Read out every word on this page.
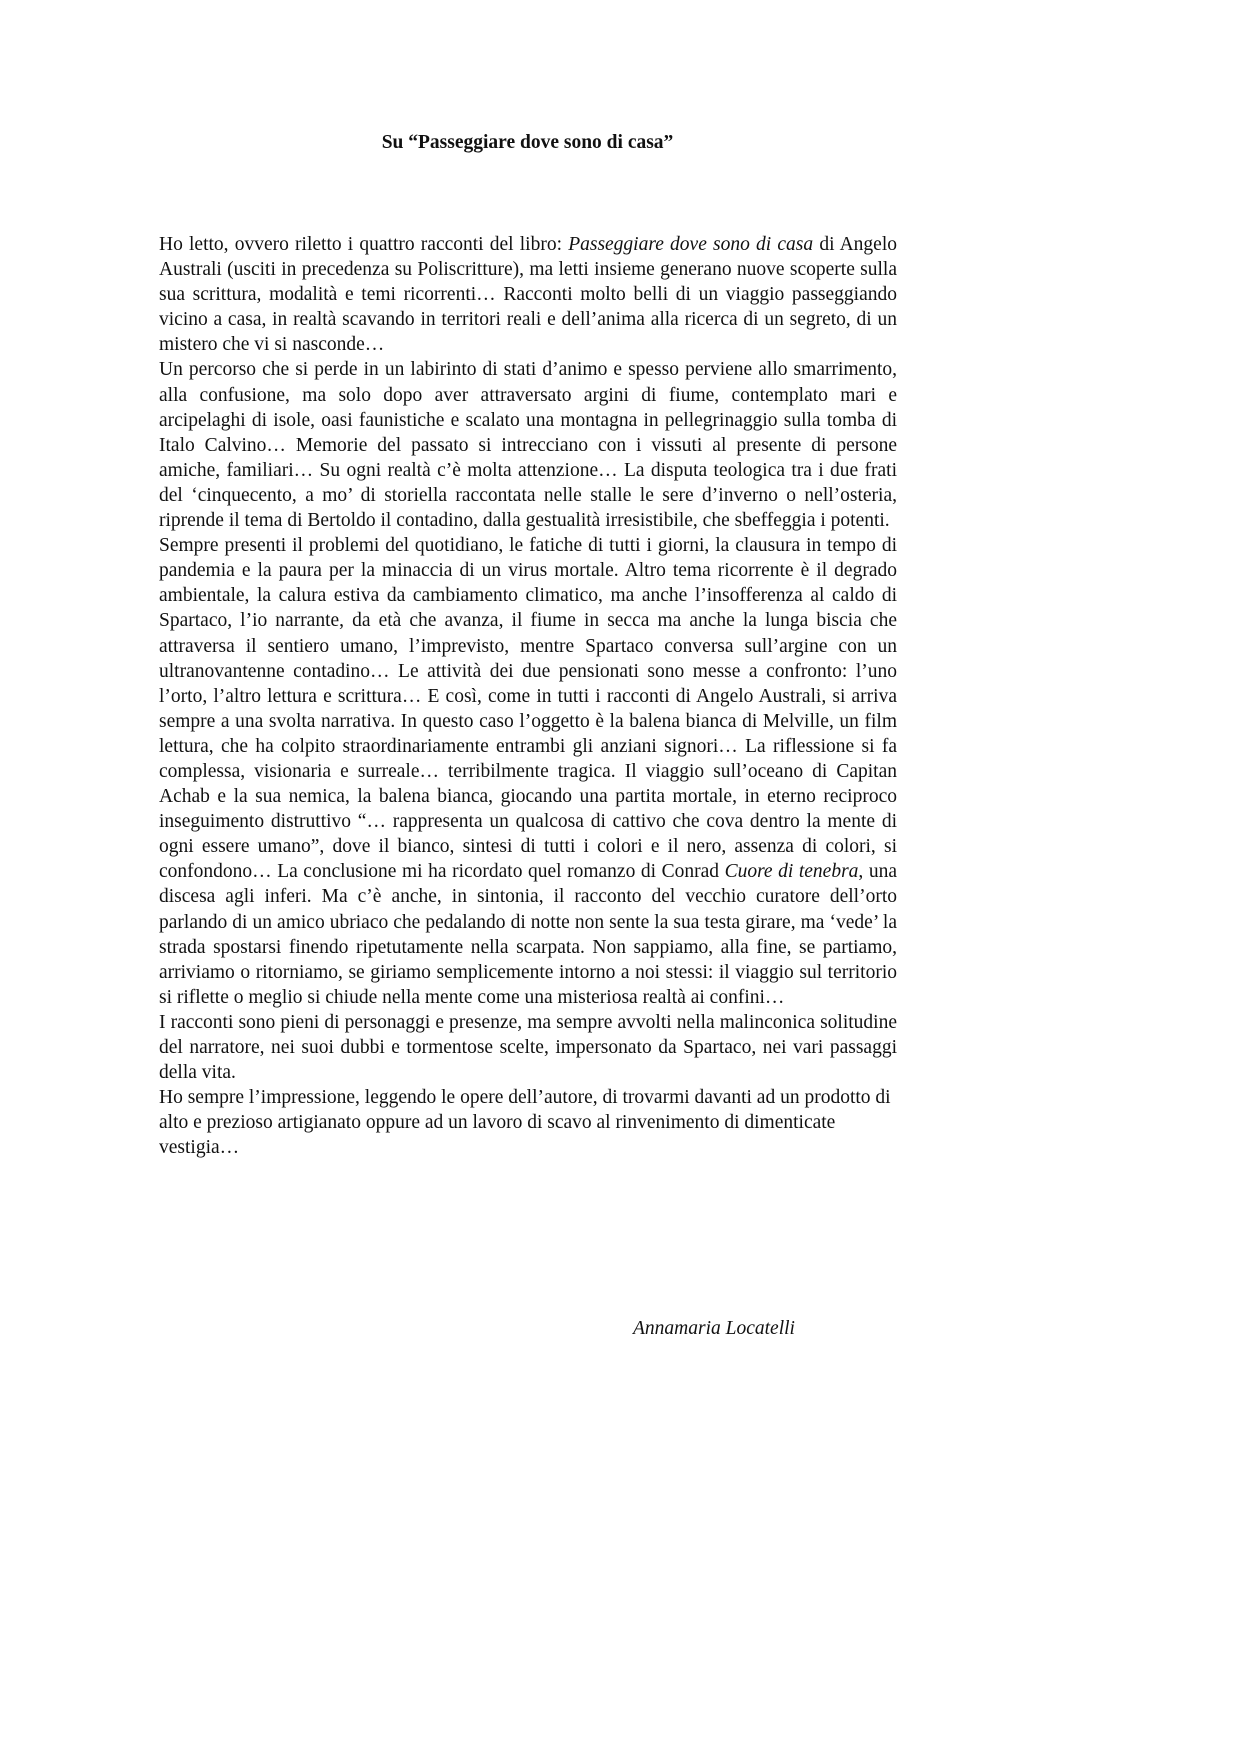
Su “Passeggiare dove sono di casa”

Ho letto, ovvero riletto i quattro racconti del libro: Passeggiare dove sono di casa di Angelo Australi (usciti in precedenza su Poliscritture), ma letti insieme generano nuove scoperte sulla sua scrittura, modalità e temi ricorrenti… Racconti molto belli di un viaggio passeggiando vicino a casa, in realtà scavando in territori reali e dell’anima alla ricerca di un segreto, di un mistero che vi si nasconde…

Un percorso che si perde in un labirinto di stati d’animo e spesso perviene allo smarrimento, alla confusione, ma solo dopo aver attraversato argini di fiume, contemplato mari e arcipelaghi di isole, oasi faunistiche e scalato una montagna in pellegrinaggio sulla tomba di Italo Calvino… Memorie del passato si intrecciano con i vissuti al presente di persone amiche, familiari… Su ogni realtà c’è molta attenzione… La disputa teologica tra i due frati del ‘cinquecento, a mo’ di storiella raccontata nelle stalle le sere d’inverno o nell’osteria, riprende il tema di Bertoldo il contadino, dalla gestualità irresistibile, che sbeffeggia i potenti.

Sempre presenti il problemi del quotidiano, le fatiche di tutti i giorni, la clausura in tempo di pandemia e la paura per la minaccia di un virus mortale. Altro tema ricorrente è il degrado ambientale, la calura estiva da cambiamento climatico, ma anche l’insofferenza al caldo di Spartaco, l’io narrante, da età che avanza, il fiume in secca ma anche la lunga biscia che attraversa il sentiero umano, l’imprevisto, mentre Spartaco conversa sull’argine con un ultranovantenne contadino… Le attività dei due pensionati sono messe a confronto: l’uno l’orto, l’altro lettura e scrittura… E così, come in tutti i racconti di Angelo Australi, si arriva sempre a una svolta narrativa. In questo caso l’oggetto è la balena bianca di Melville, un film lettura, che ha colpito straordinariamente entrambi gli anziani signori… La riflessione si fa complessa, visionaria e surreale… terribilmente tragica. Il viaggio sull’oceano di Capitan Achab e la sua nemica, la balena bianca, giocando una partita mortale, in eterno reciproco inseguimento distruttivo “… rappresenta un qualcosa di cattivo che cova dentro la mente di ogni essere umano”, dove il bianco, sintesi di tutti i colori e il nero, assenza di colori, si confondono… La conclusione mi ha ricordato quel romanzo di Conrad Cuore di tenebra, una discesa agli inferi. Ma c’è anche, in sintonia, il racconto del vecchio curatore dell’orto parlando di un amico ubriaco che pedalando di notte non sente la sua testa girare, ma ‘vede’ la strada spostarsi finendo ripetutamente nella scarpata. Non sappiamo, alla fine, se partiamo, arriviamo o ritorniamo, se giriamo semplicemente intorno a noi stessi: il viaggio sul territorio si riflette o meglio si chiude nella mente come una misteriosa realtà ai confini…

I racconti sono pieni di personaggi e presenze, ma sempre avvolti nella malinconica solitudine del narratore, nei suoi dubbi e tormentose scelte, impersonato da Spartaco, nei vari passaggi della vita.

Ho sempre l’impressione, leggendo le opere dell’autore, di trovarmi davanti ad un prodotto di alto e prezioso artigianato oppure ad un lavoro di scavo al rinvenimento di dimenticate vestigia…

Annamaria Locatelli
